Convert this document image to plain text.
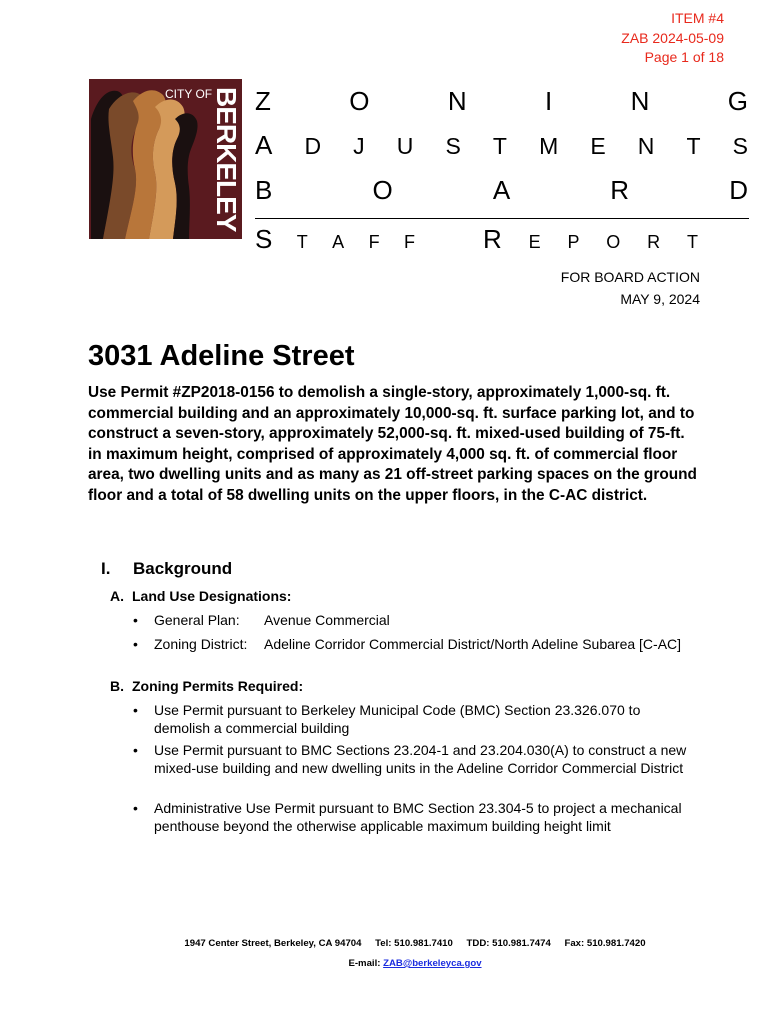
ITEM #4
ZAB 2024-05-09
Page 1 of 18
CITY OF
BERKELEY Z	O	N	I	N	G
A D J U S T M E N T S
B	O	A	R	D
S T A F F	R E P O R T
FOR BOARD ACTION
MAY 9, 2024
3031 Adeline Street

Use Permit #ZP2018-0156 to demolish a single-story, approximately 1,000-sq. ft. commercial building and an approximately 10,000-sq. ft. surface parking lot, and to construct a seven-story, approximately 52,000-sq. ft. mixed-used building of 75-ft. in maximum height, comprised of approximately 4,000 sq. ft. of commercial floor area, two dwelling units and as many as 21 off-street parking spaces on the ground floor and a total of 58 dwelling units on the upper floors, in the C-AC district.

I. Background
A. Land Use Designations:
• General Plan: Avenue Commercial
• Zoning District: Adeline Corridor Commercial District/North Adeline Subarea [C-AC]
B. Zoning Permits Required:
• Use Permit pursuant to Berkeley Municipal Code (BMC) Section 23.326.070 to demolish a commercial building
• Use Permit pursuant to BMC Sections 23.204-1 and 23.204.030(A) to construct a new mixed-use building and new dwelling units in the Adeline Corridor Commercial District
• Administrative Use Permit pursuant to BMC Section 23.304-5 to project a mechanical penthouse beyond the otherwise applicable maximum building height limit
1947 Center Street, Berkeley, CA 94704 Tel: 510.981.7410 TDD: 510.981.7474 Fax: 510.981.7420
E-mail: ZAB@berkeleyca.gov
